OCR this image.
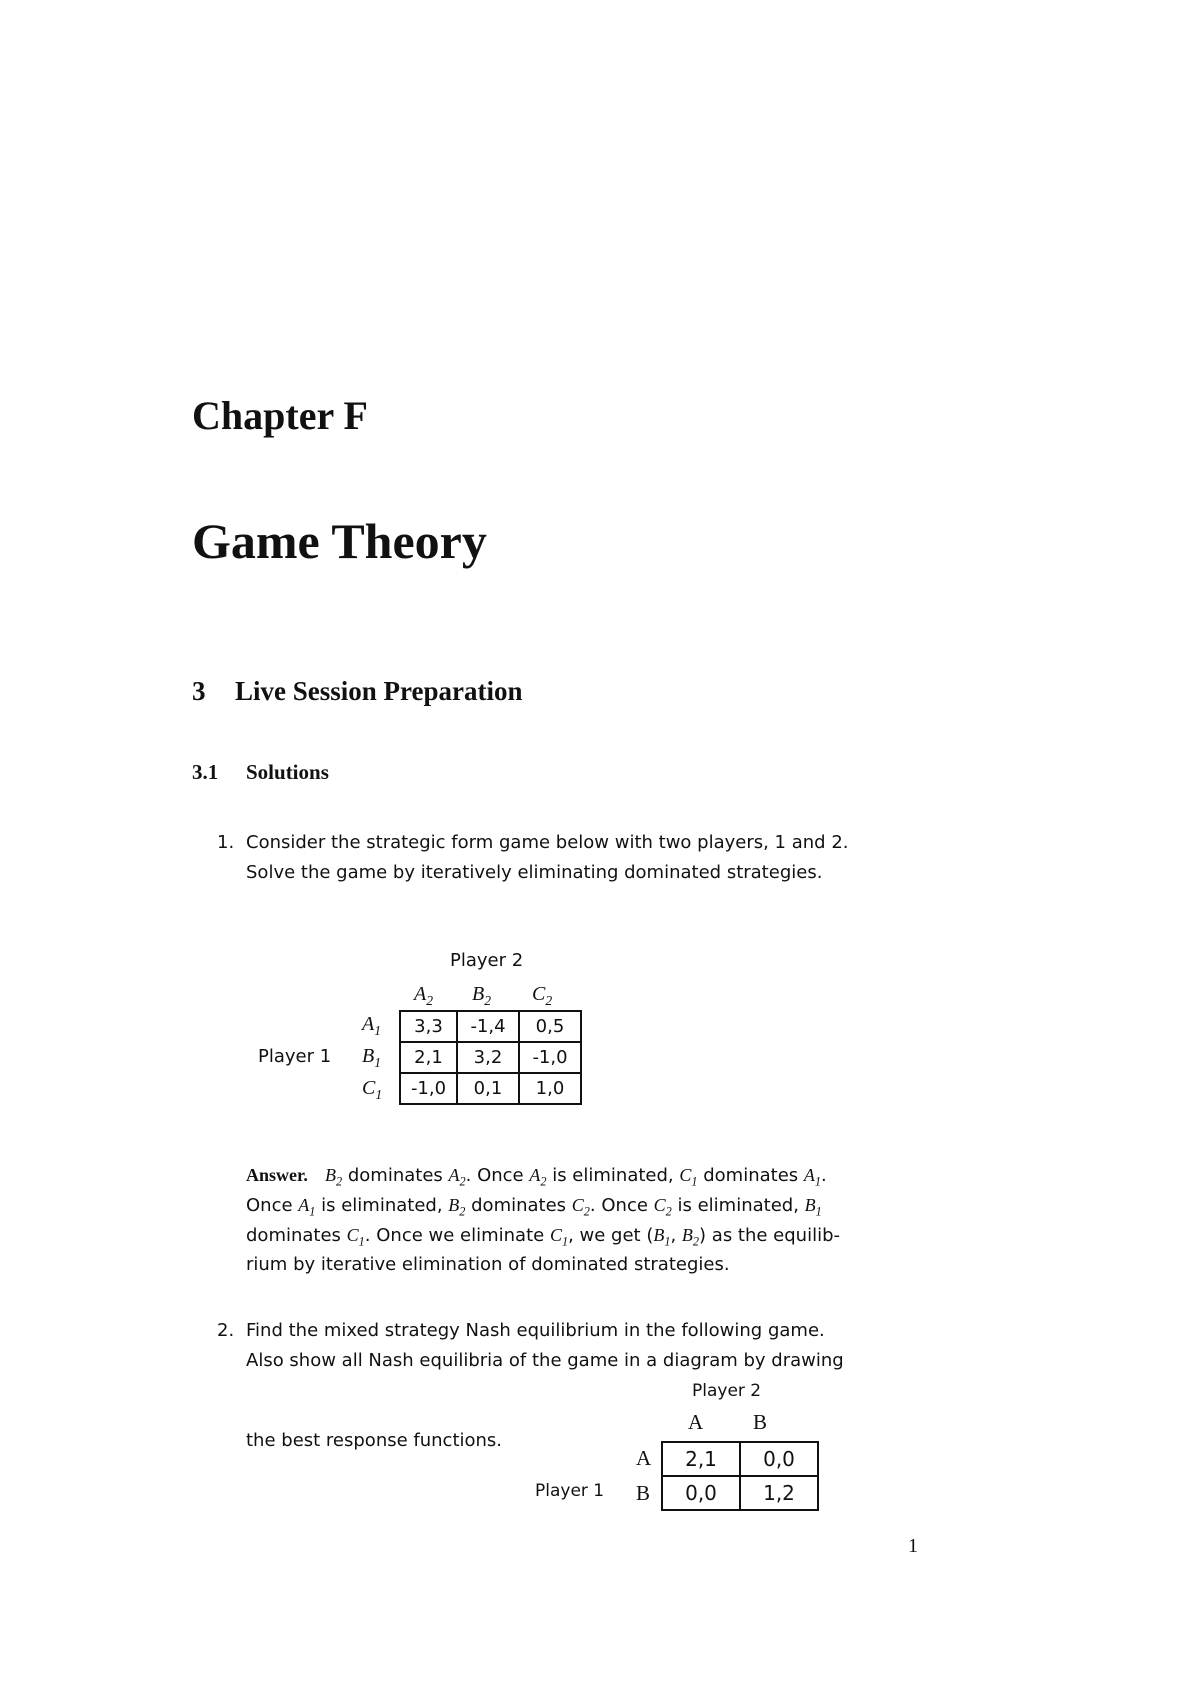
Chapter F
Game Theory
3 Live Session Preparation
3.1 Solutions
1. Consider the strategic form game below with two players, 1 and 2.
Solve the game by iteratively eliminating dominated strategies.
Player 2
$A_2$ $B_2$ $C_2$
$A_1$
$B_1$
$C_1$
Player 1
3,3	-1,4	0,5
2,1	3,2	-1,0
-1,0	0,1	1,0
Answer. $B_2$ dominates $A_2$. Once $A_2$ is eliminated, $C_1$ dominates $A_1$.
Once $A_1$ is eliminated, $B_2$ dominates $C_2$. Once $C_2$ is eliminated, $B_1$
dominates $C_1$. Once we eliminate $C_1$, we get ($B_1$, $B_2$) as the equilib-
rium by iterative elimination of dominated strategies.
2. Find the mixed strategy Nash equilibrium in the following game.
Also show all Nash equilibria of the game in a diagram by drawing
the best response functions.
Player 2
A B
A
B
Player 1
2,1	0,0
0,0	1,2
1
